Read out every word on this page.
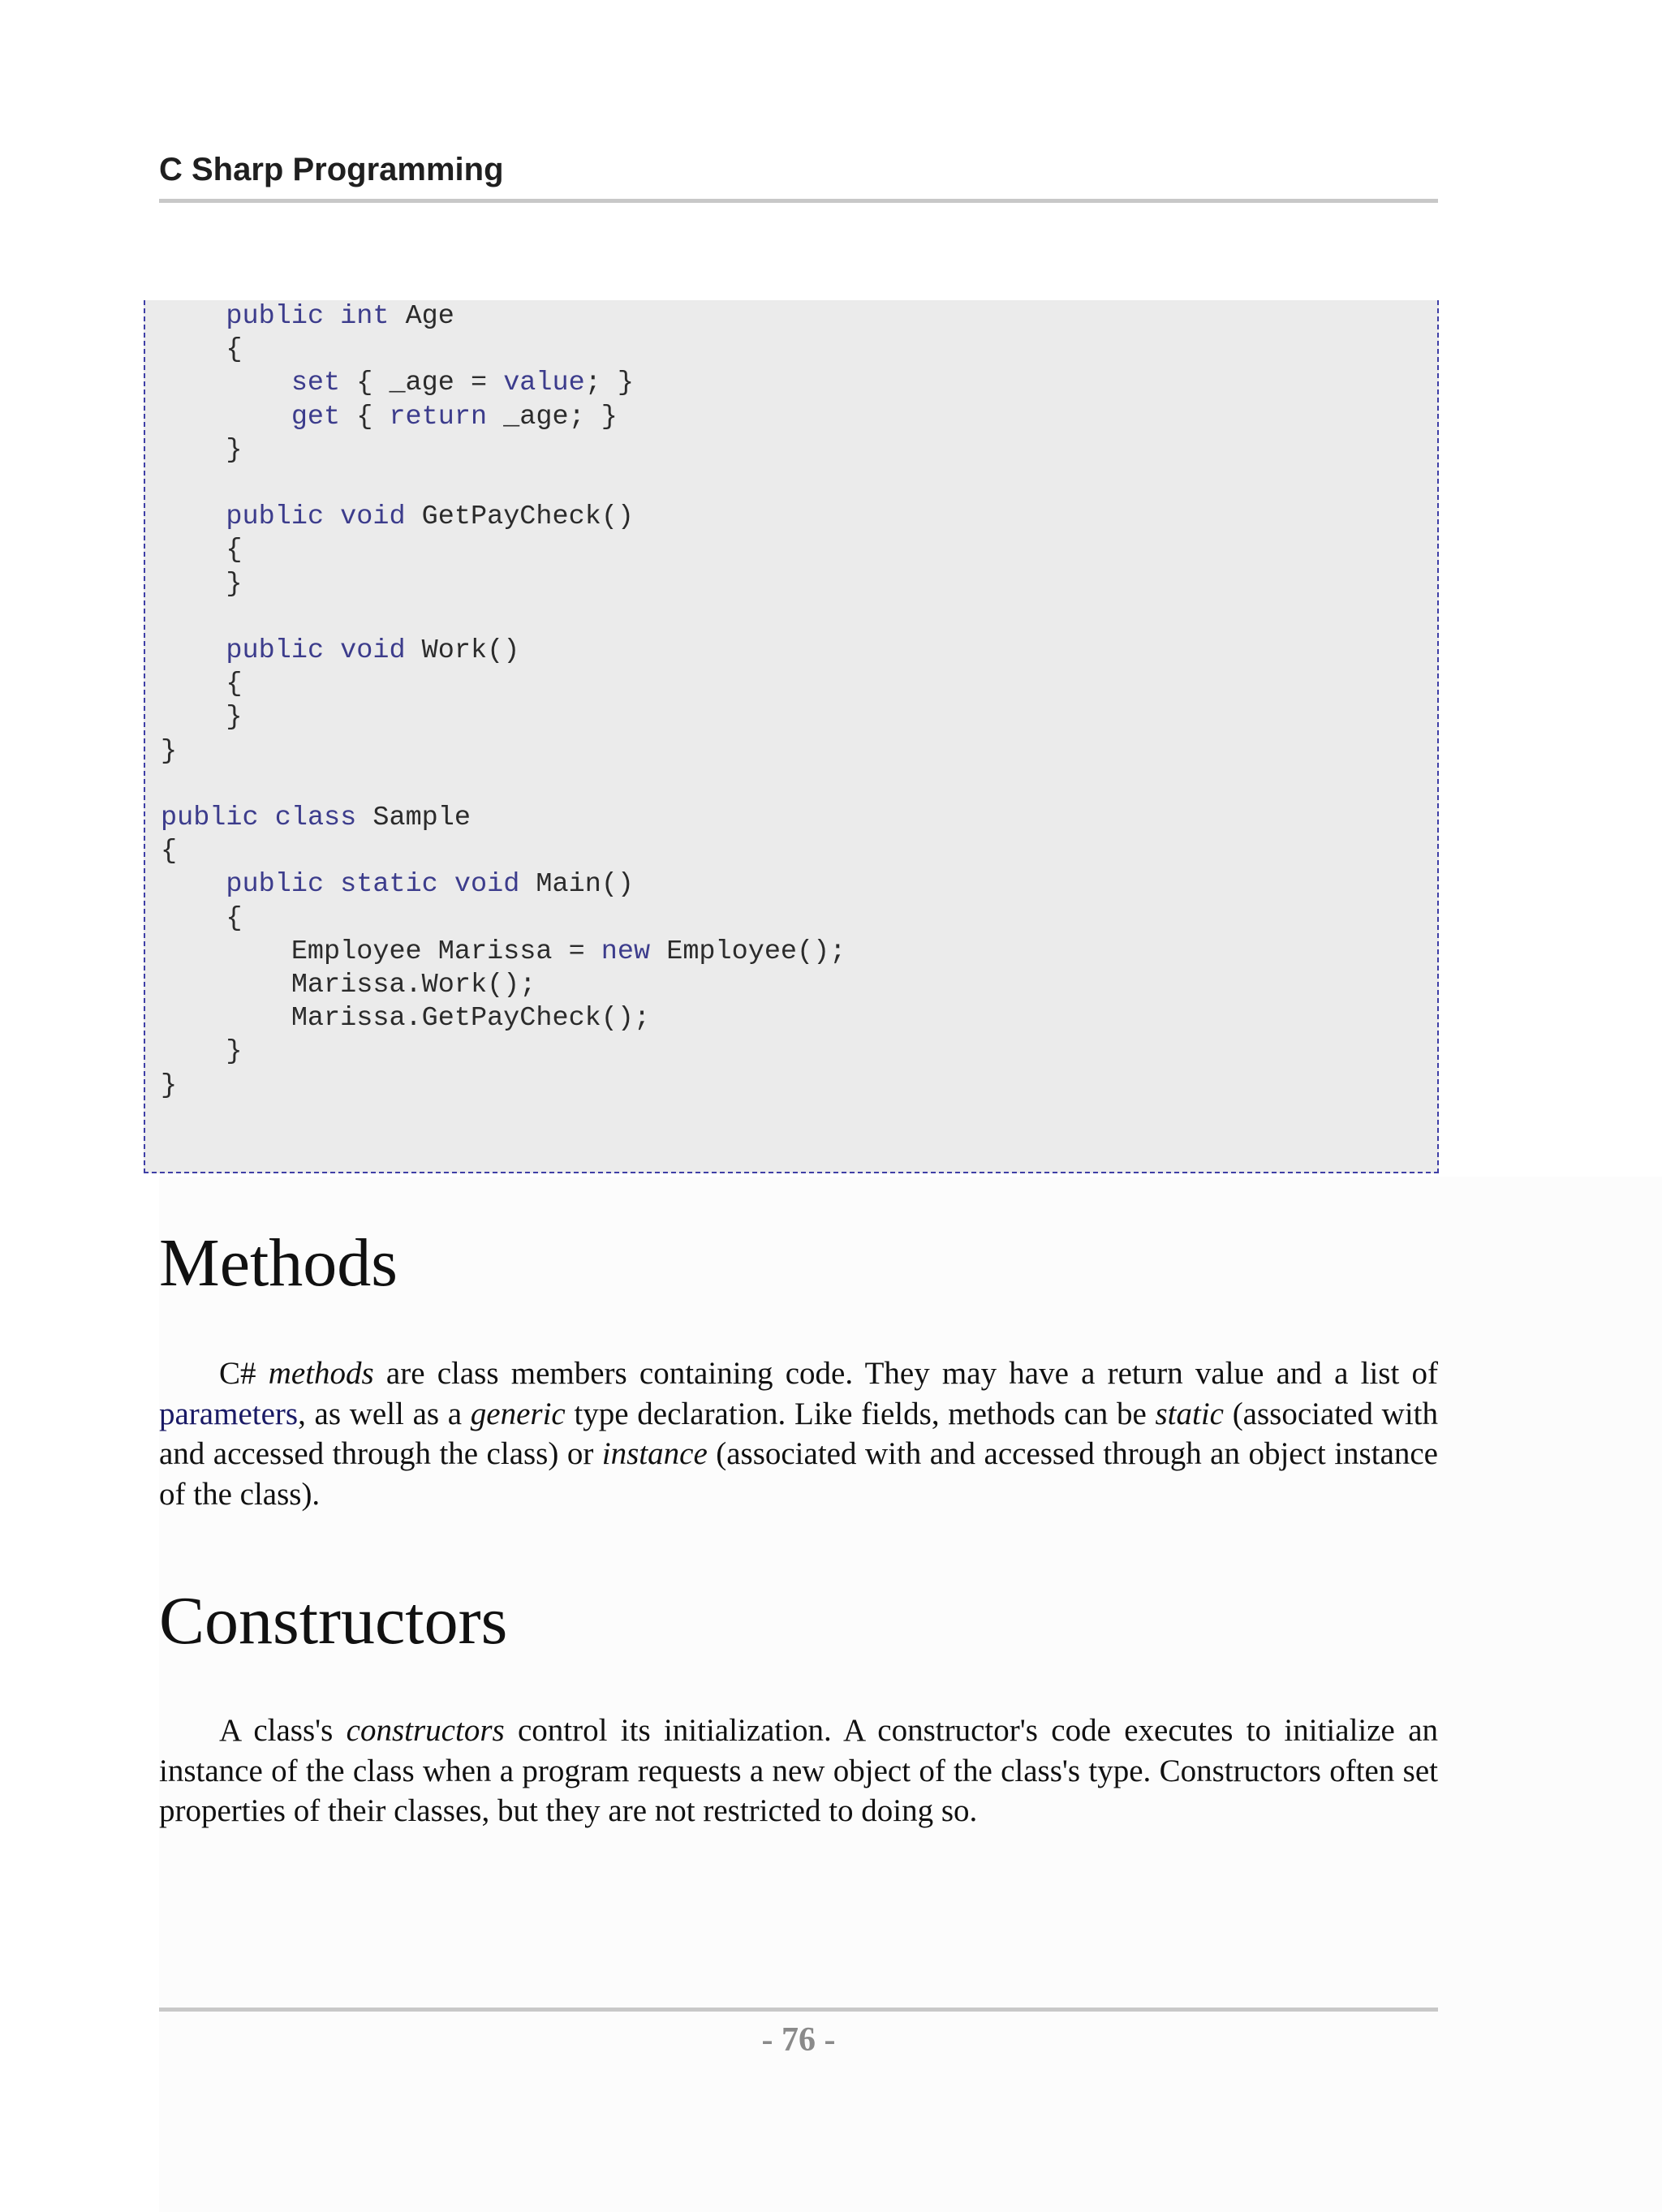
C Sharp Programming
public int Age
{
set { _age = value; }
get { return _age; }
}

public void GetPayCheck()
{
}

public void Work()
{
}
}

public class Sample
{
public static void Main()
{
Employee Marissa = new Employee();
Marissa.Work();
Marissa.GetPayCheck();
}
}
Methods

C# methods are class members containing code. They may have a return value and a list of parameters, as well as a generic type declaration. Like fields, methods can be static (associated with and accessed through the class) or instance (associated with and accessed through an object instance of the class).

Constructors

A class's constructors control its initialization. A constructor's code executes to initialize an instance of the class when a program requests a new object of the class's type. Constructors often set properties of their classes, but they are not restricted to doing so.

- 76 -
